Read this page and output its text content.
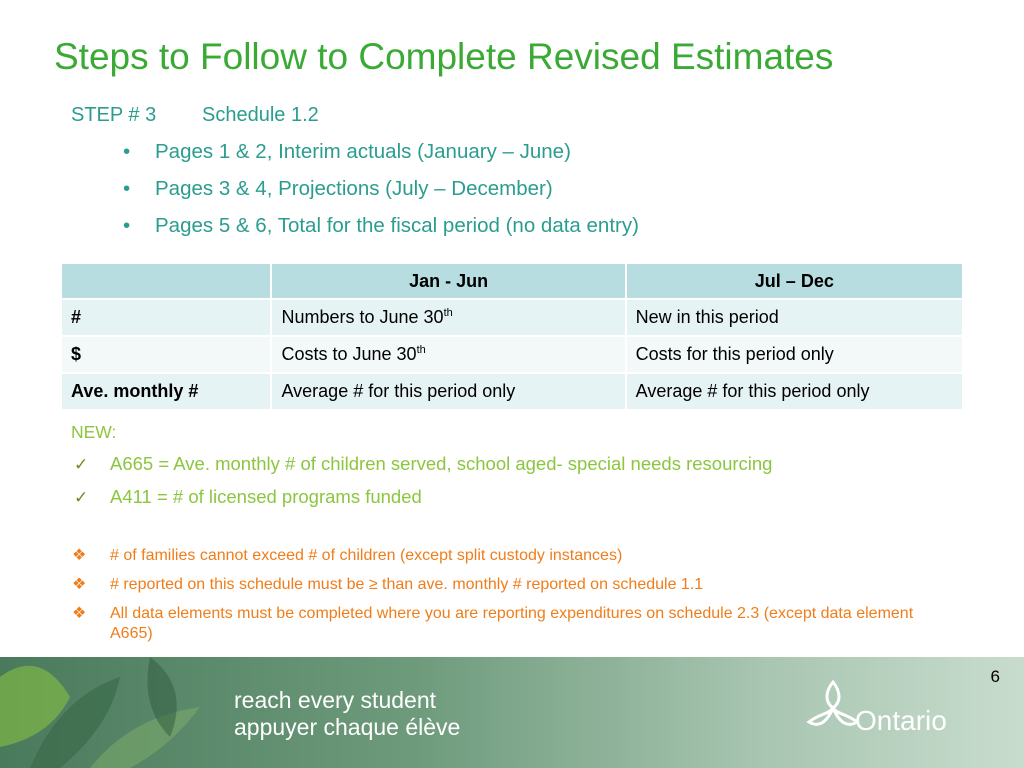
Steps to Follow to Complete Revised Estimates
STEP # 3 Schedule 1.2
• Pages 1 & 2, Interim actuals (January – June)
• Pages 3 & 4, Projections (July – December)
• Pages 5 & 6, Total for the fiscal period (no data entry)
	Jan - Jun	Jul – Dec
#	Numbers to June 30th	New in this period
$	Costs to June 30th	Costs for this period only
Ave. monthly #	Average # for this period only	Average # for this period only
NEW:
✓ A665 = Ave. monthly # of children served, school aged- special needs resourcing
✓ A411 = # of licensed programs funded
❖	# of families cannot exceed # of children (except split custody instances)
❖	# reported on this schedule must be ≥ than ave. monthly # reported on schedule 1.1
❖	All data elements must be completed where you are reporting expenditures on schedule 2.3 (except data element A665)
reach every student
appuyer chaque élève
6
Ontario
